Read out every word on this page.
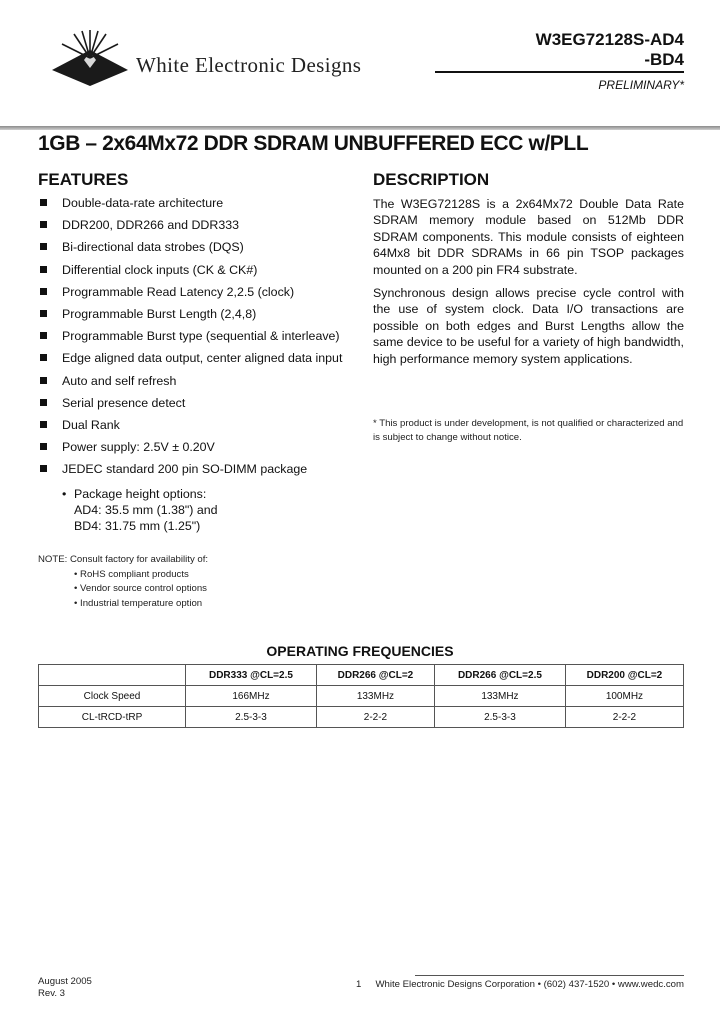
White Electronic Designs
W3EG72128S-AD4
-BD4
PRELIMINARY*
1GB – 2x64Mx72 DDR SDRAM UNBUFFERED ECC w/PLL
FEATURES
Double-data-rate architecture
DDR200, DDR266 and DDR333
Bi-directional data strobes (DQS)
Differential clock inputs (CK & CK#)
Programmable Read Latency 2,2.5 (clock)
Programmable Burst Length (2,4,8)
Programmable Burst type (sequential & interleave)
Edge aligned data output, center aligned data input
Auto and self refresh
Serial presence detect
Dual Rank
Power supply: 2.5V ± 0.20V
JEDEC standard 200 pin SO-DIMM package
• Package height options:
AD4: 35.5 mm (1.38") and
BD4: 31.75 mm (1.25")
NOTE: Consult factory for availability of:
• RoHS compliant products
• Vendor source control options
• Industrial temperature option
DESCRIPTION

The W3EG72128S is a 2x64Mx72 Double Data Rate SDRAM memory module based on 512Mb DDR SDRAM components. This module consists of eighteen 64Mx8 bit DDR SDRAMs in 66 pin TSOP packages mounted on a 200 pin FR4 substrate.

Synchronous design allows precise cycle control with the use of system clock. Data I/O transactions are possible on both edges and Burst Lengths allow the same device to be useful for a variety of high bandwidth, high performance memory system applications.

* This product is under development, is not qualified or characterized and is subject to change without notice.

OPERATING FREQUENCIES
	DDR333 @CL=2.5	DDR266 @CL=2	DDR266 @CL=2.5	DDR200 @CL=2
Clock Speed	166MHz	133MHz	133MHz	100MHz
CL-tRCD-tRP	2.5-3-3	2-2-2	2.5-3-3	2-2-2
August 2005
Rev. 3
1 White Electronic Designs Corporation • (602) 437-1520 • www.wedc.com
